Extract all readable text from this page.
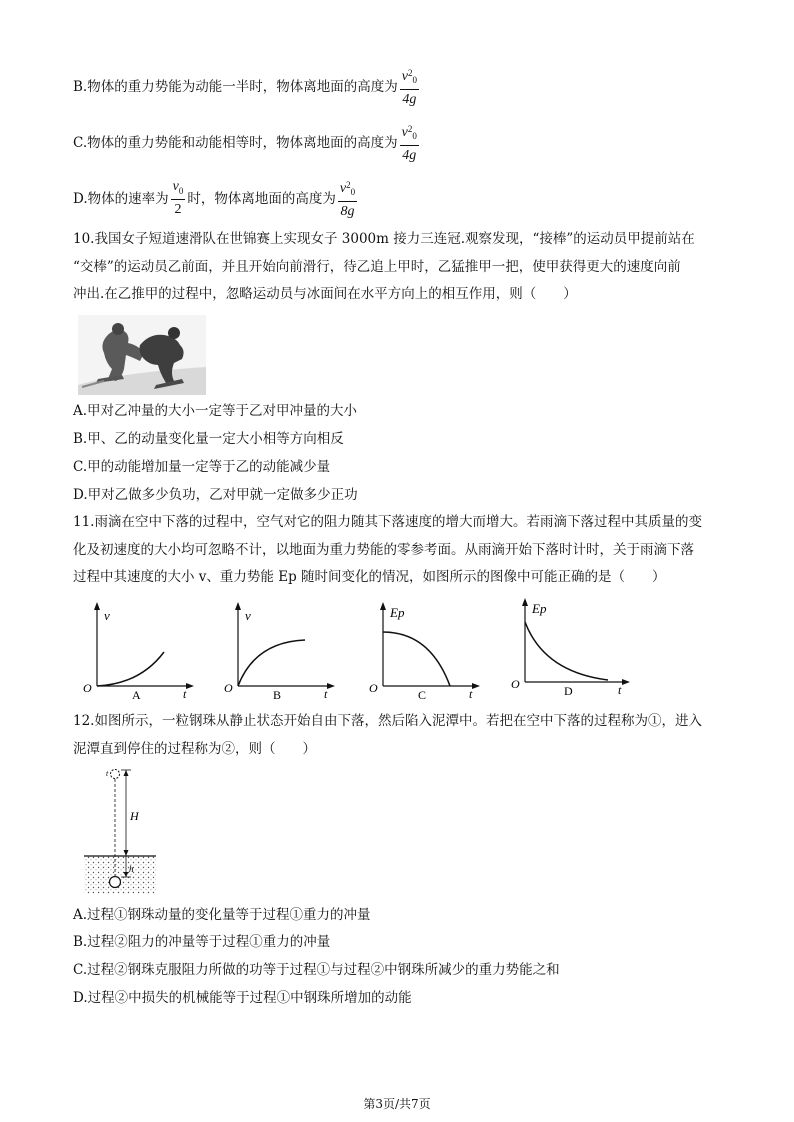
B.物体的重力势能为动能一半时，物体离地面的高度为 $\frac{v^2_0}{4g}$
C.物体的重力势能和动能相等时，物体离地面的高度为 $\frac{v^2_0}{4g}$
D.物体的速率为 $\frac{v_0}{2}$ 时，物体离地面的高度为 $\frac{v^2_0}{8g}$
10.我国女子短道速滑队在世锦赛上实现女子 3000m 接力三连冠.观察发现，“接棒”的运动员甲提前站在
“交棒”的运动员乙前面，并且开始向前滑行，待乙追上甲时，乙猛推甲一把，使甲获得更大的速度向前
冲出.在乙推甲的过程中，忽略运动员与冰面间在水平方向上的相互作用，则（　　）
A.甲对乙冲量的大小一定等于乙对甲冲量的大小
B.甲、乙的动量变化量一定大小相等方向相反
C.甲的动能增加量一定等于乙的动能减少量
D.甲对乙做多少负功，乙对甲就一定做多少正功
11.雨滴在空中下落的过程中，空气对它的阻力随其下落速度的增大而增大。若雨滴下落过程中其质量的变
化及初速度的大小均可忽略不计，以地面为重力势能的零参考面。从雨滴开始下落时计时，关于雨滴下落
过程中其速度的大小 v、重力势能 Ep 随时间变化的情况，如图所示的图像中可能正确的是（　　）
v
O	t
A
v
O	t
B
Ep
O	t
C
Ep
O	t
D
12.如图所示，一粒钢珠从静止状态开始自由下落，然后陷入泥潭中。若把在空中下落的过程称为①，进入
泥潭直到停住的过程称为②，则（　　）
H
h
t
A.过程①钢珠动量的变化量等于过程①重力的冲量
B.过程②阻力的冲量等于过程①重力的冲量
C.过程②钢珠克服阻力所做的功等于过程①与过程②中钢珠所减少的重力势能之和
D.过程②中损失的机械能等于过程①中钢珠所增加的动能
第3页/共7页
